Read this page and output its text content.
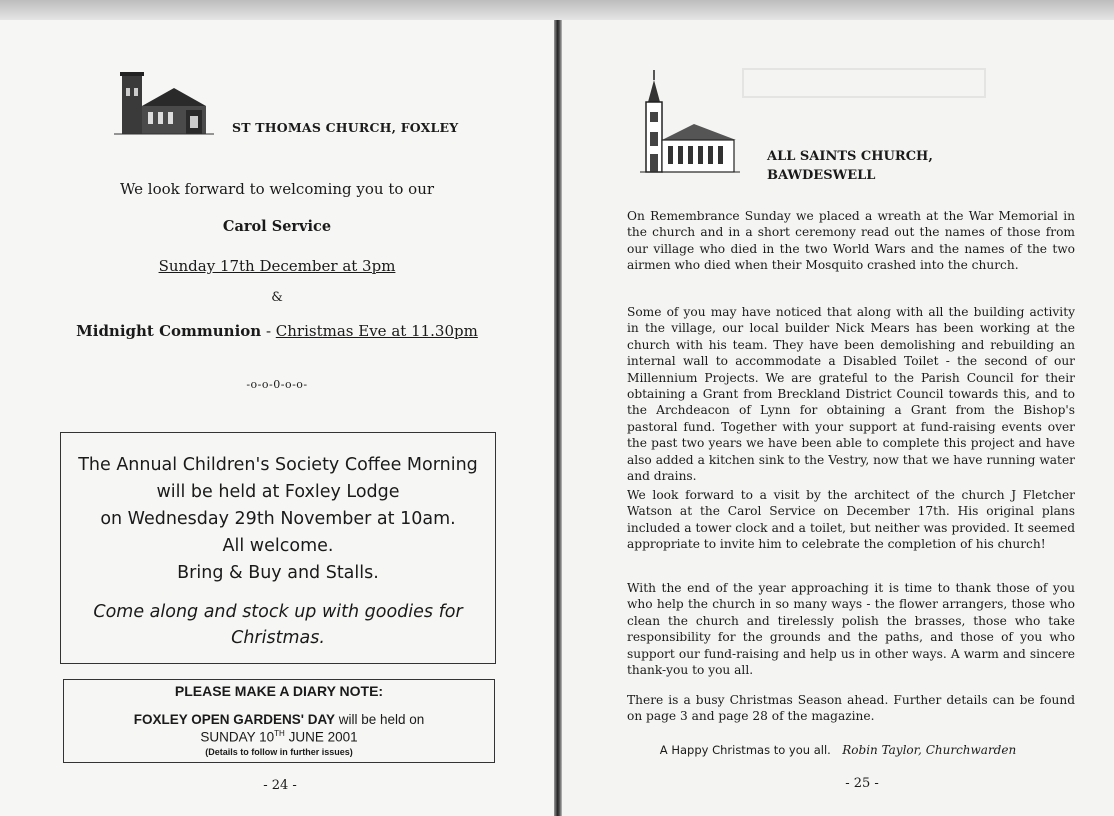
ST THOMAS CHURCH, FOXLEY
We look forward to welcoming you to our
Carol Service
Sunday 17th December at 3pm
&
Midnight Communion - Christmas Eve at 11.30pm
-o-o-0-o-o-
The Annual Children's Society Coffee Morning
will be held at Foxley Lodge
on Wednesday 29th November at 10am.
All welcome.
Bring & Buy and Stalls.
Come along and stock up with goodies for
Christmas.
PLEASE MAKE A DIARY NOTE:
FOXLEY OPEN GARDENS' DAY will be held on
SUNDAY 10TH JUNE 2001
(Details to follow in further issues)
- 24 -
ALL SAINTS CHURCH,
BAWDESWELL
On Remembrance Sunday we placed a wreath at the War Memorial in the church and in a short ceremony read out the names of those from our village who died in the two World Wars and the names of the two airmen who died when their Mosquito crashed into the church.
Some of you may have noticed that along with all the building activity in the village, our local builder Nick Mears has been working at the church with his team. They have been demolishing and rebuilding an internal wall to accommodate a Disabled Toilet - the second of our Millennium Projects. We are grateful to the Parish Council for their obtaining a Grant from Breckland District Council towards this, and to the Archdeacon of Lynn for obtaining a Grant from the Bishop's pastoral fund. Together with your support at fund-raising events over the past two years we have been able to complete this project and have also added a kitchen sink to the Vestry, now that we have running water and drains.
We look forward to a visit by the architect of the church J Fletcher Watson at the Carol Service on December 17th. His original plans included a tower clock and a toilet, but neither was provided. It seemed appropriate to invite him to celebrate the completion of his church!
With the end of the year approaching it is time to thank those of you who help the church in so many ways - the flower arrangers, those who clean the church and tirelessly polish the brasses, those who take responsibility for the grounds and the paths, and those of you who support our fund-raising and help us in other ways. A warm and sincere thank-you to you all.
There is a busy Christmas Season ahead. Further details can be found on page 3 and page 28 of the magazine.
A Happy Christmas to you all. Robin Taylor, Churchwarden
- 25 -
